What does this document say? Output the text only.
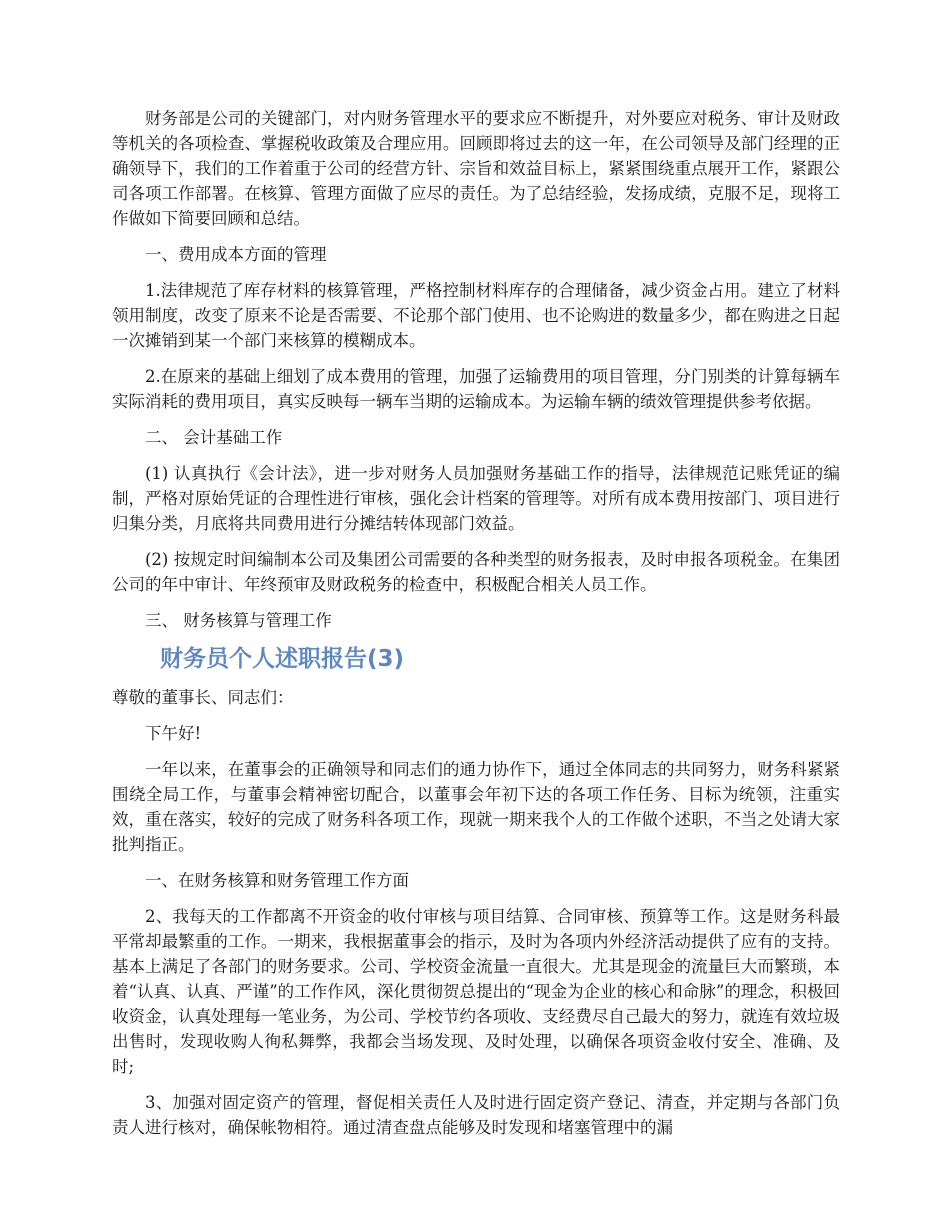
财务部是公司的关键部门，对内财务管理水平的要求应不断提升，对外要应对税务、审计及财政等机关的各项检查、掌握税收政策及合理应用。回顾即将过去的这一年，在公司领导及部门经理的正确领导下，我们的工作着重于公司的经营方针、宗旨和效益目标上，紧紧围绕重点展开工作，紧跟公司各项工作部署。在核算、管理方面做了应尽的责任。为了总结经验，发扬成绩，克服不足，现将工作做如下简要回顾和总结。

一、费用成本方面的管理

1.法律规范了库存材料的核算管理，严格控制材料库存的合理储备，减少资金占用。建立了材料领用制度，改变了原来不论是否需要、不论那个部门使用、也不论购进的数量多少，都在购进之日起一次摊销到某一个部门来核算的模糊成本。

2.在原来的基础上细划了成本费用的管理，加强了运输费用的项目管理，分门别类的计算每辆车实际消耗的费用项目，真实反映每一辆车当期的运输成本。为运输车辆的绩效管理提供参考依据。

二、 会计基础工作

(1) 认真执行《会计法》，进一步对财务人员加强财务基础工作的指导，法律规范记账凭证的编制，严格对原始凭证的合理性进行审核，强化会计档案的管理等。对所有成本费用按部门、项目进行归集分类，月底将共同费用进行分摊结转体现部门效益。

(2) 按规定时间编制本公司及集团公司需要的各种类型的财务报表，及时申报各项税金。在集团公司的年中审计、年终预审及财政税务的检查中，积极配合相关人员工作。

三、 财务核算与管理工作

财务员个人述职报告(3)

尊敬的董事长、同志们：

下午好!

一年以来，在董事会的正确领导和同志们的通力协作下，通过全体同志的共同努力，财务科紧紧围绕全局工作，与董事会精神密切配合，以董事会年初下达的各项工作任务、目标为统领，注重实效，重在落实，较好的完成了财务科各项工作，现就一期来我个人的工作做个述职，不当之处请大家批判指正。

一、在财务核算和财务管理工作方面

2、我每天的工作都离不开资金的收付审核与项目结算、合同审核、预算等工作。这是财务科最平常却最繁重的工作。一期来，我根据董事会的指示，及时为各项内外经济活动提供了应有的支持。基本上满足了各部门的财务要求。公司、学校资金流量一直很大。尤其是现金的流量巨大而繁琐，本着“认真、认真、严谨”的工作作风，深化贯彻贺总提出的“现金为企业的核心和命脉”的理念，积极回收资金，认真处理每一笔业务，为公司、学校节约各项收、支经费尽自己最大的努力，就连有效垃圾出售时，发现收购人徇私舞弊，我都会当场发现、及时处理，以确保各项资金收付安全、准确、及时;

3、加强对固定资产的管理，督促相关责任人及时进行固定资产登记、清查，并定期与各部门负责人进行核对，确保帐物相符。通过清查盘点能够及时发现和堵塞管理中的漏
